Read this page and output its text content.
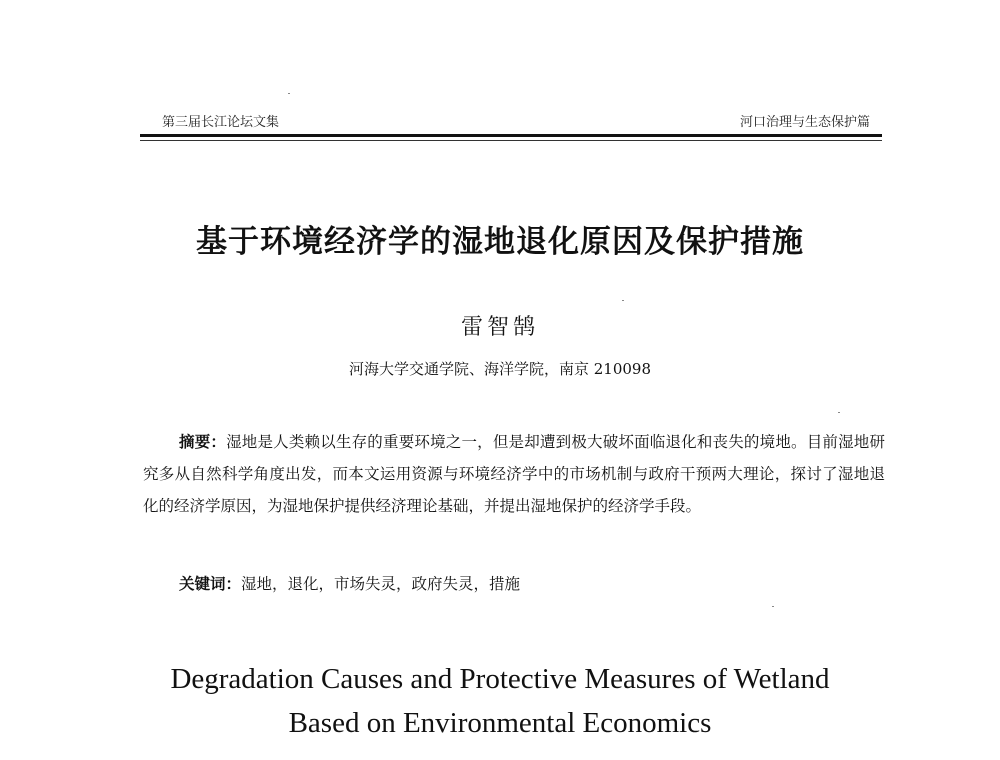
第三届长江论坛文集	河口治理与生态保护篇
基于环境经济学的湿地退化原因及保护措施
雷智鹄
河海大学交通学院、海洋学院，南京 210098
摘要：湿地是人类赖以生存的重要环境之一，但是却遭到极大破坏面临退化和丧失的境地。目前湿地研究多从自然科学角度出发，而本文运用资源与环境经济学中的市场机制与政府干预两大理论，探讨了湿地退化的经济学原因，为湿地保护提供经济理论基础，并提出湿地保护的经济学手段。
关键词：湿地，退化，市场失灵，政府失灵，措施
Degradation Causes and Protective Measures of Wetland
Based on Environmental Economics
